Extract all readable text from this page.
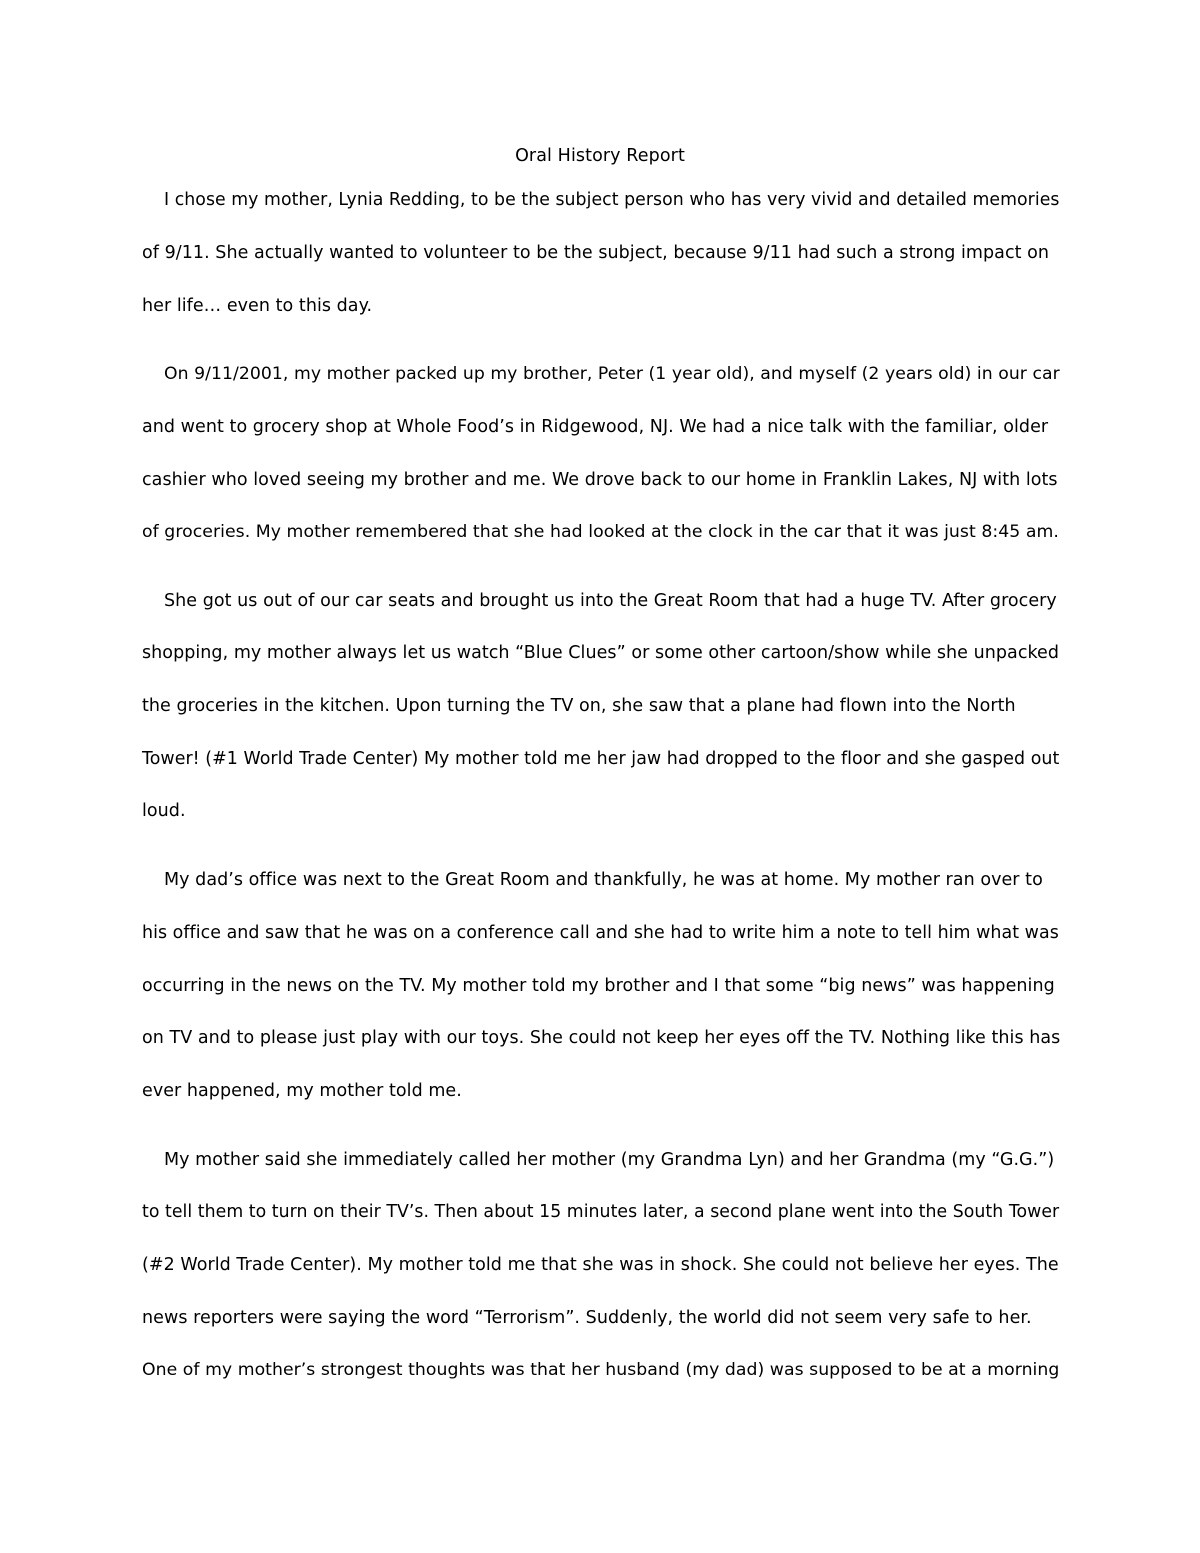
Oral History Report
I chose my mother, Lynia Redding, to be the subject person who has very vivid and detailed memories
of 9/11. She actually wanted to volunteer to be the subject, because 9/11 had such a strong impact on
her life… even to this day.
On 9/11/2001, my mother packed up my brother, Peter (1 year old), and myself (2 years old) in our car
and went to grocery shop at Whole Food’s in Ridgewood, NJ. We had a nice talk with the familiar, older
cashier who loved seeing my brother and me. We drove back to our home in Franklin Lakes, NJ with lots
of groceries. My mother remembered that she had looked at the clock in the car that it was just 8:45 am.
She got us out of our car seats and brought us into the Great Room that had a huge TV. After grocery
shopping, my mother always let us watch “Blue Clues” or some other cartoon/show while she unpacked
the groceries in the kitchen. Upon turning the TV on, she saw that a plane had flown into the North
Tower! (#1 World Trade Center) My mother told me her jaw had dropped to the floor and she gasped out
loud.
My dad’s office was next to the Great Room and thankfully, he was at home. My mother ran over to
his office and saw that he was on a conference call and she had to write him a note to tell him what was
occurring in the news on the TV. My mother told my brother and I that some “big news” was happening
on TV and to please just play with our toys. She could not keep her eyes off the TV. Nothing like this has
ever happened, my mother told me.
My mother said she immediately called her mother (my Grandma Lyn) and her Grandma (my “G.G.”)
to tell them to turn on their TV’s. Then about 15 minutes later, a second plane went into the South Tower
(#2 World Trade Center). My mother told me that she was in shock. She could not believe her eyes. The
news reporters were saying the word “Terrorism”. Suddenly, the world did not seem very safe to her.
One of my mother’s strongest thoughts was that her husband (my dad) was supposed to be at a morning
